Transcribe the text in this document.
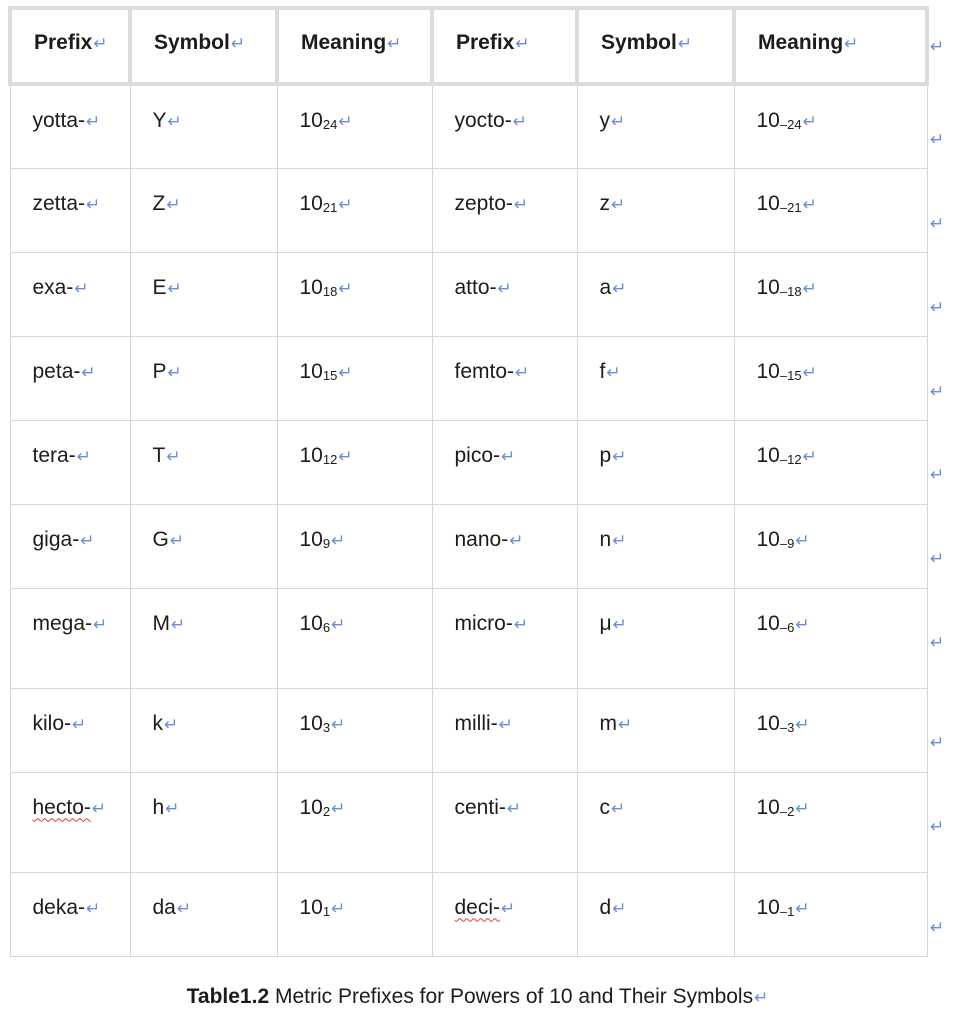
Prefix↵	Symbol↵	Meaning↵	Prefix↵	Symbol↵	Meaning↵
yotta-↵	Y↵	1024↵	yocto-↵	y↵	10–24↵
zetta-↵	Z↵	1021↵	zepto-↵	z↵	10–21↵
exa-↵	E↵	1018↵	atto-↵	a↵	10–18↵
peta-↵	P↵	1015↵	femto-↵	f↵	10–15↵
tera-↵	T↵	1012↵	pico-↵	p↵	10–12↵
giga-↵	G↵	109↵	nano-↵	n↵	10–9↵
mega-↵	M↵	106↵	micro-↵	μ↵	10–6↵
kilo-↵	k↵	103↵	milli-↵	m↵	10–3↵
hecto-↵	h↵	102↵	centi-↵	c↵	10–2↵
deka-↵	da↵	101↵	deci-↵	d↵	10–1↵
↵
↵
↵
↵
↵
↵
↵
↵
↵
↵
↵
Table1.2 Metric Prefixes for Powers of 10 and Their Symbols↵
